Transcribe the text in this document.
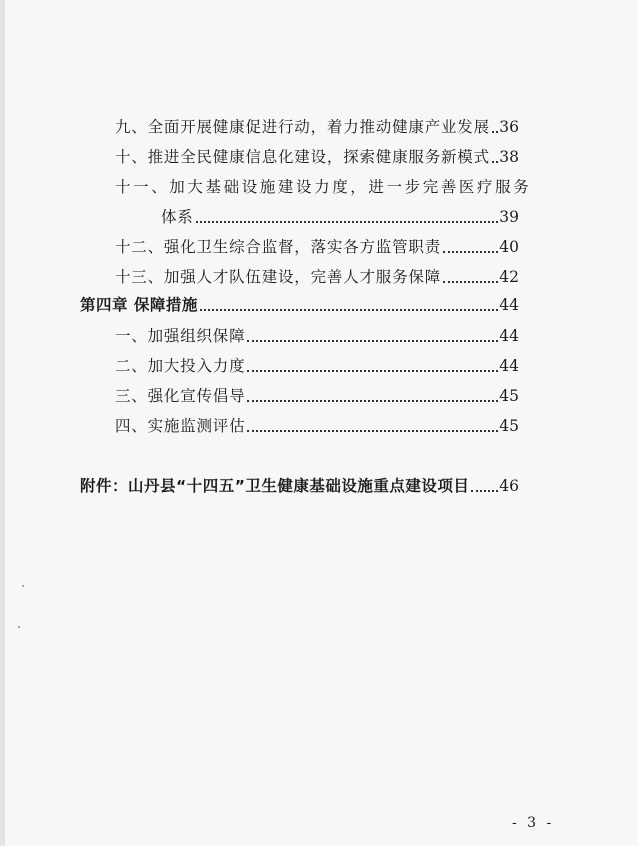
九、全面开展健康促进行动，着力推动健康产业发展 36
十、推进全民健康信息化建设，探索健康服务新模式 38
十一、加大基础设施建设力度，进一步完善医疗服务
体系	39
十二、强化卫生综合监督，落实各方监管职责	40
十三、加强人才队伍建设，完善人才服务保障	42
第四章 保障措施	44
一、加强组织保障	44
二、加大投入力度	44
三、强化宣传倡导	45
四、实施监测评估	45
附件：山丹县“十四五”卫生健康基础设施重点建设项目 46
- 3 -
